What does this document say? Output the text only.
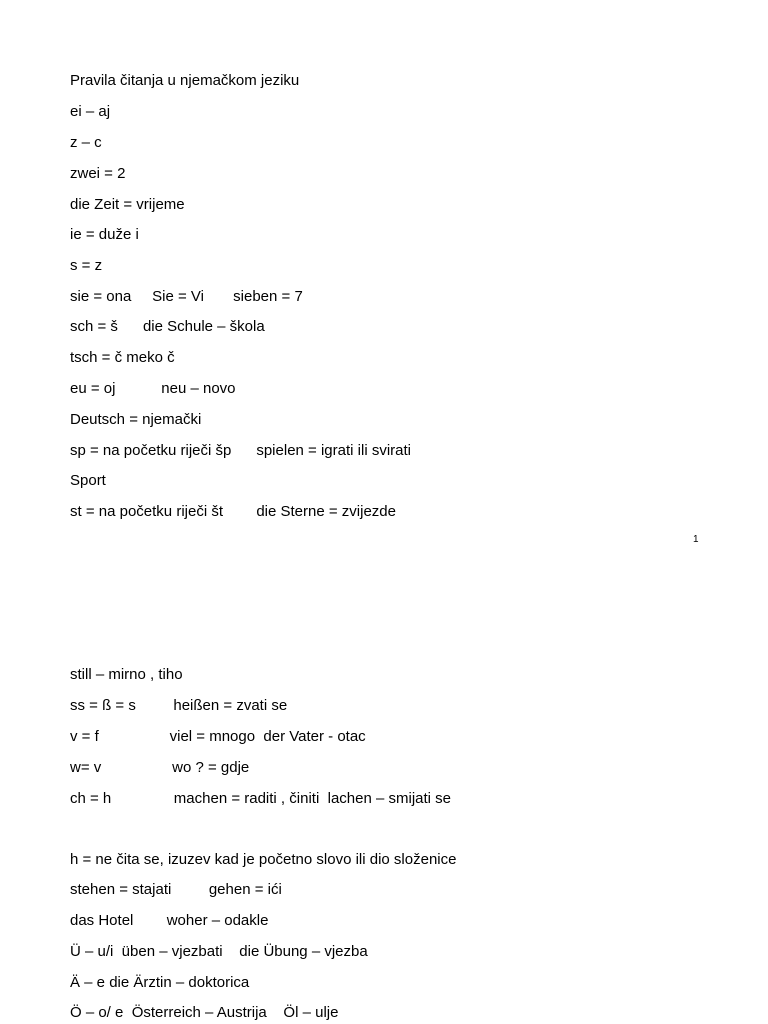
Pravila čitanja u njemačkom jeziku
ei – aj
z – c
zwei = 2
die Zeit = vrijeme
ie = duže i
s = z
sie = ona     Sie = Vi       sieben = 7
sch = š      die Schule – škola
tsch = č meko č
eu = oj           neu – novo
Deutsch = njemački
sp = na početku riječi šp      spielen = igrati ili svirati
Sport
st = na početku riječi št        die Sterne = zvijezde
1
still – mirno , tiho
ss = ß = s         heißen = zvati se
v = f                 viel = mnogo  der Vater - otac
w= v                 wo ? = gdje
ch = h               machen = raditi , činiti  lachen – smijati se
h = ne čita se, izuzev kad je početno slovo ili dio složenice
stehen = stajati         gehen = ići
das Hotel        woher – odakle
Ü – u/i  üben – vjezbati    die Übung – vjezba
Ä – e die Ärztin – doktorica
Ö – o/ e  Österreich – Austrija    Öl – ulje
